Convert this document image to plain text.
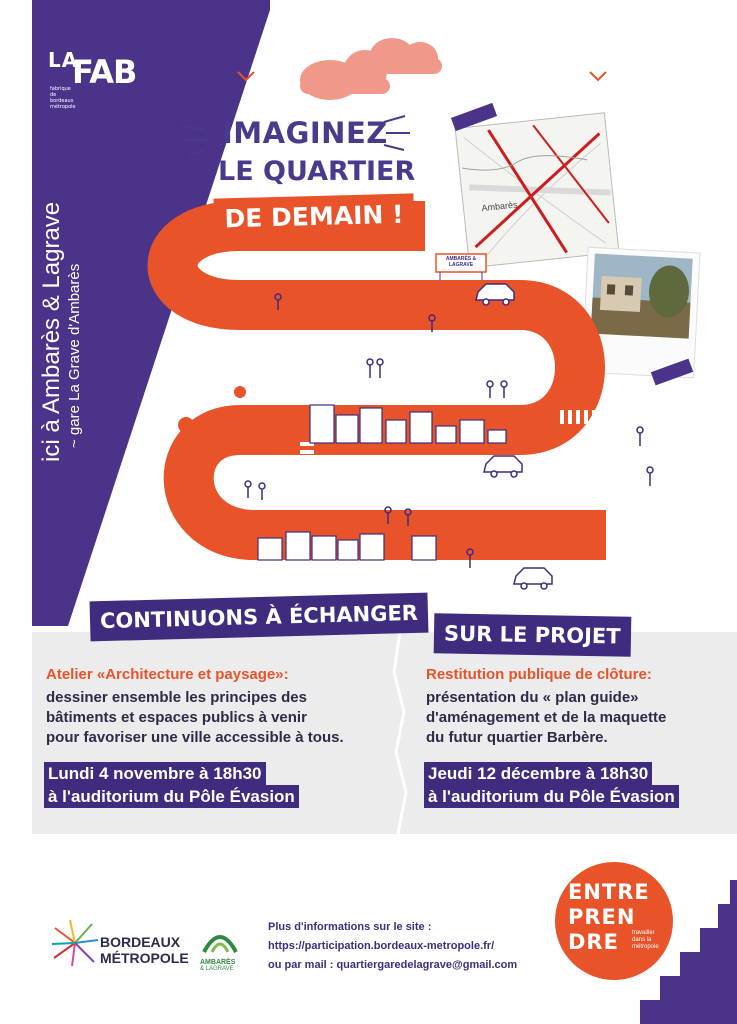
LA
FAB
fabrique de bordeaux métropole
ici à Ambarès & Lagrave ~ gare La Grave d'Ambarès
Ambarès
AMBARÈS & LAGRAVE
IMAGINEZ
LE QUARTIER
DE DEMAIN !
CONTINUONS À ÉCHANGER
SUR LE PROJET
Atelier «Architecture et paysage»:
dessiner ensemble les principes des
bâtiments et espaces publics à venir
pour favoriser une ville accessible à tous.
Lundi 4 novembre à 18h30
à l'auditorium du Pôle Évasion
Restitution publique de clôture:
présentation du « plan guide»
d'aménagement et de la maquette
du futur quartier Barbère.
Jeudi 12 décembre à 18h30
à l'auditorium du Pôle Évasion
BORDEAUX
MÉTROPOLE AMBARÈS
& LAGRAVE
Plus d'informations sur le site :
https://participation.bordeaux-metropole.fr/
ou par mail : quartiergaredelagrave@gmail.com
ENTRE
PREN
DRE	travailler dans la métropole
